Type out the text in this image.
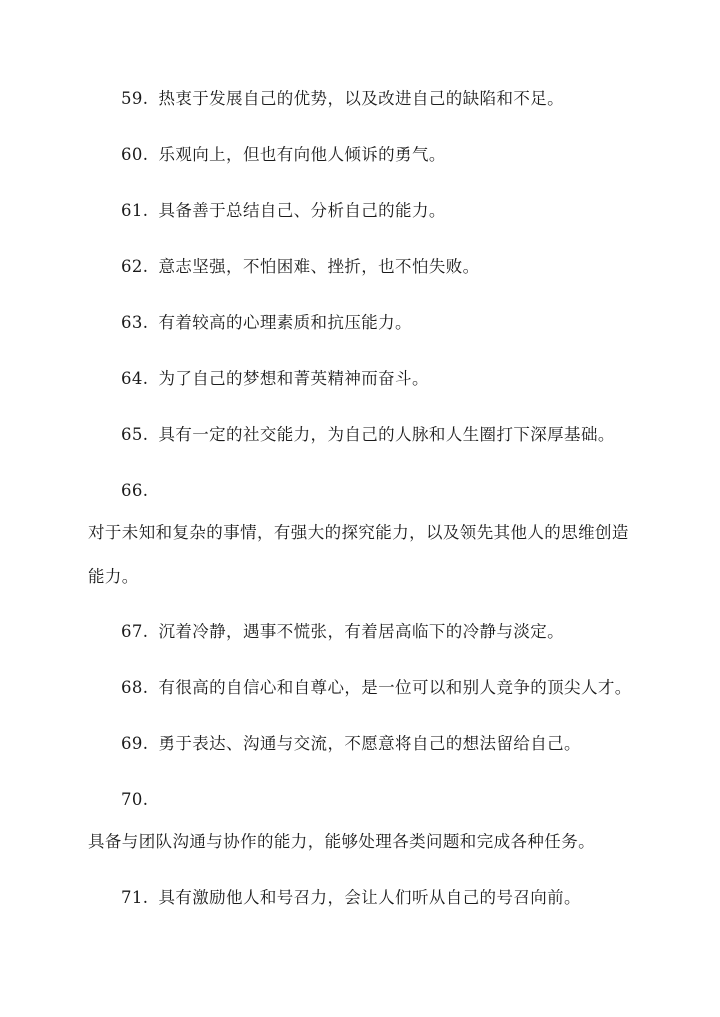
59. 热衷于发展自己的优势，以及改进自己的缺陷和不足。
60. 乐观向上，但也有向他人倾诉的勇气。
61. 具备善于总结自己、分析自己的能力。
62. 意志坚强，不怕困难、挫折，也不怕失败。
63. 有着较高的心理素质和抗压能力。
64. 为了自己的梦想和菁英精神而奋斗。
65. 具有一定的社交能力，为自己的人脉和人生圈打下深厚基础。
66.
对于未知和复杂的事情，有强大的探究能力，以及领先其他人的思维创造
能力。
67. 沉着冷静，遇事不慌张，有着居高临下的冷静与淡定。
68. 有很高的自信心和自尊心，是一位可以和别人竞争的顶尖人才。
69. 勇于表达、沟通与交流，不愿意将自己的想法留给自己。
70.
具备与团队沟通与协作的能力，能够处理各类问题和完成各种任务。
71. 具有激励他人和号召力，会让人们听从自己的号召向前。
